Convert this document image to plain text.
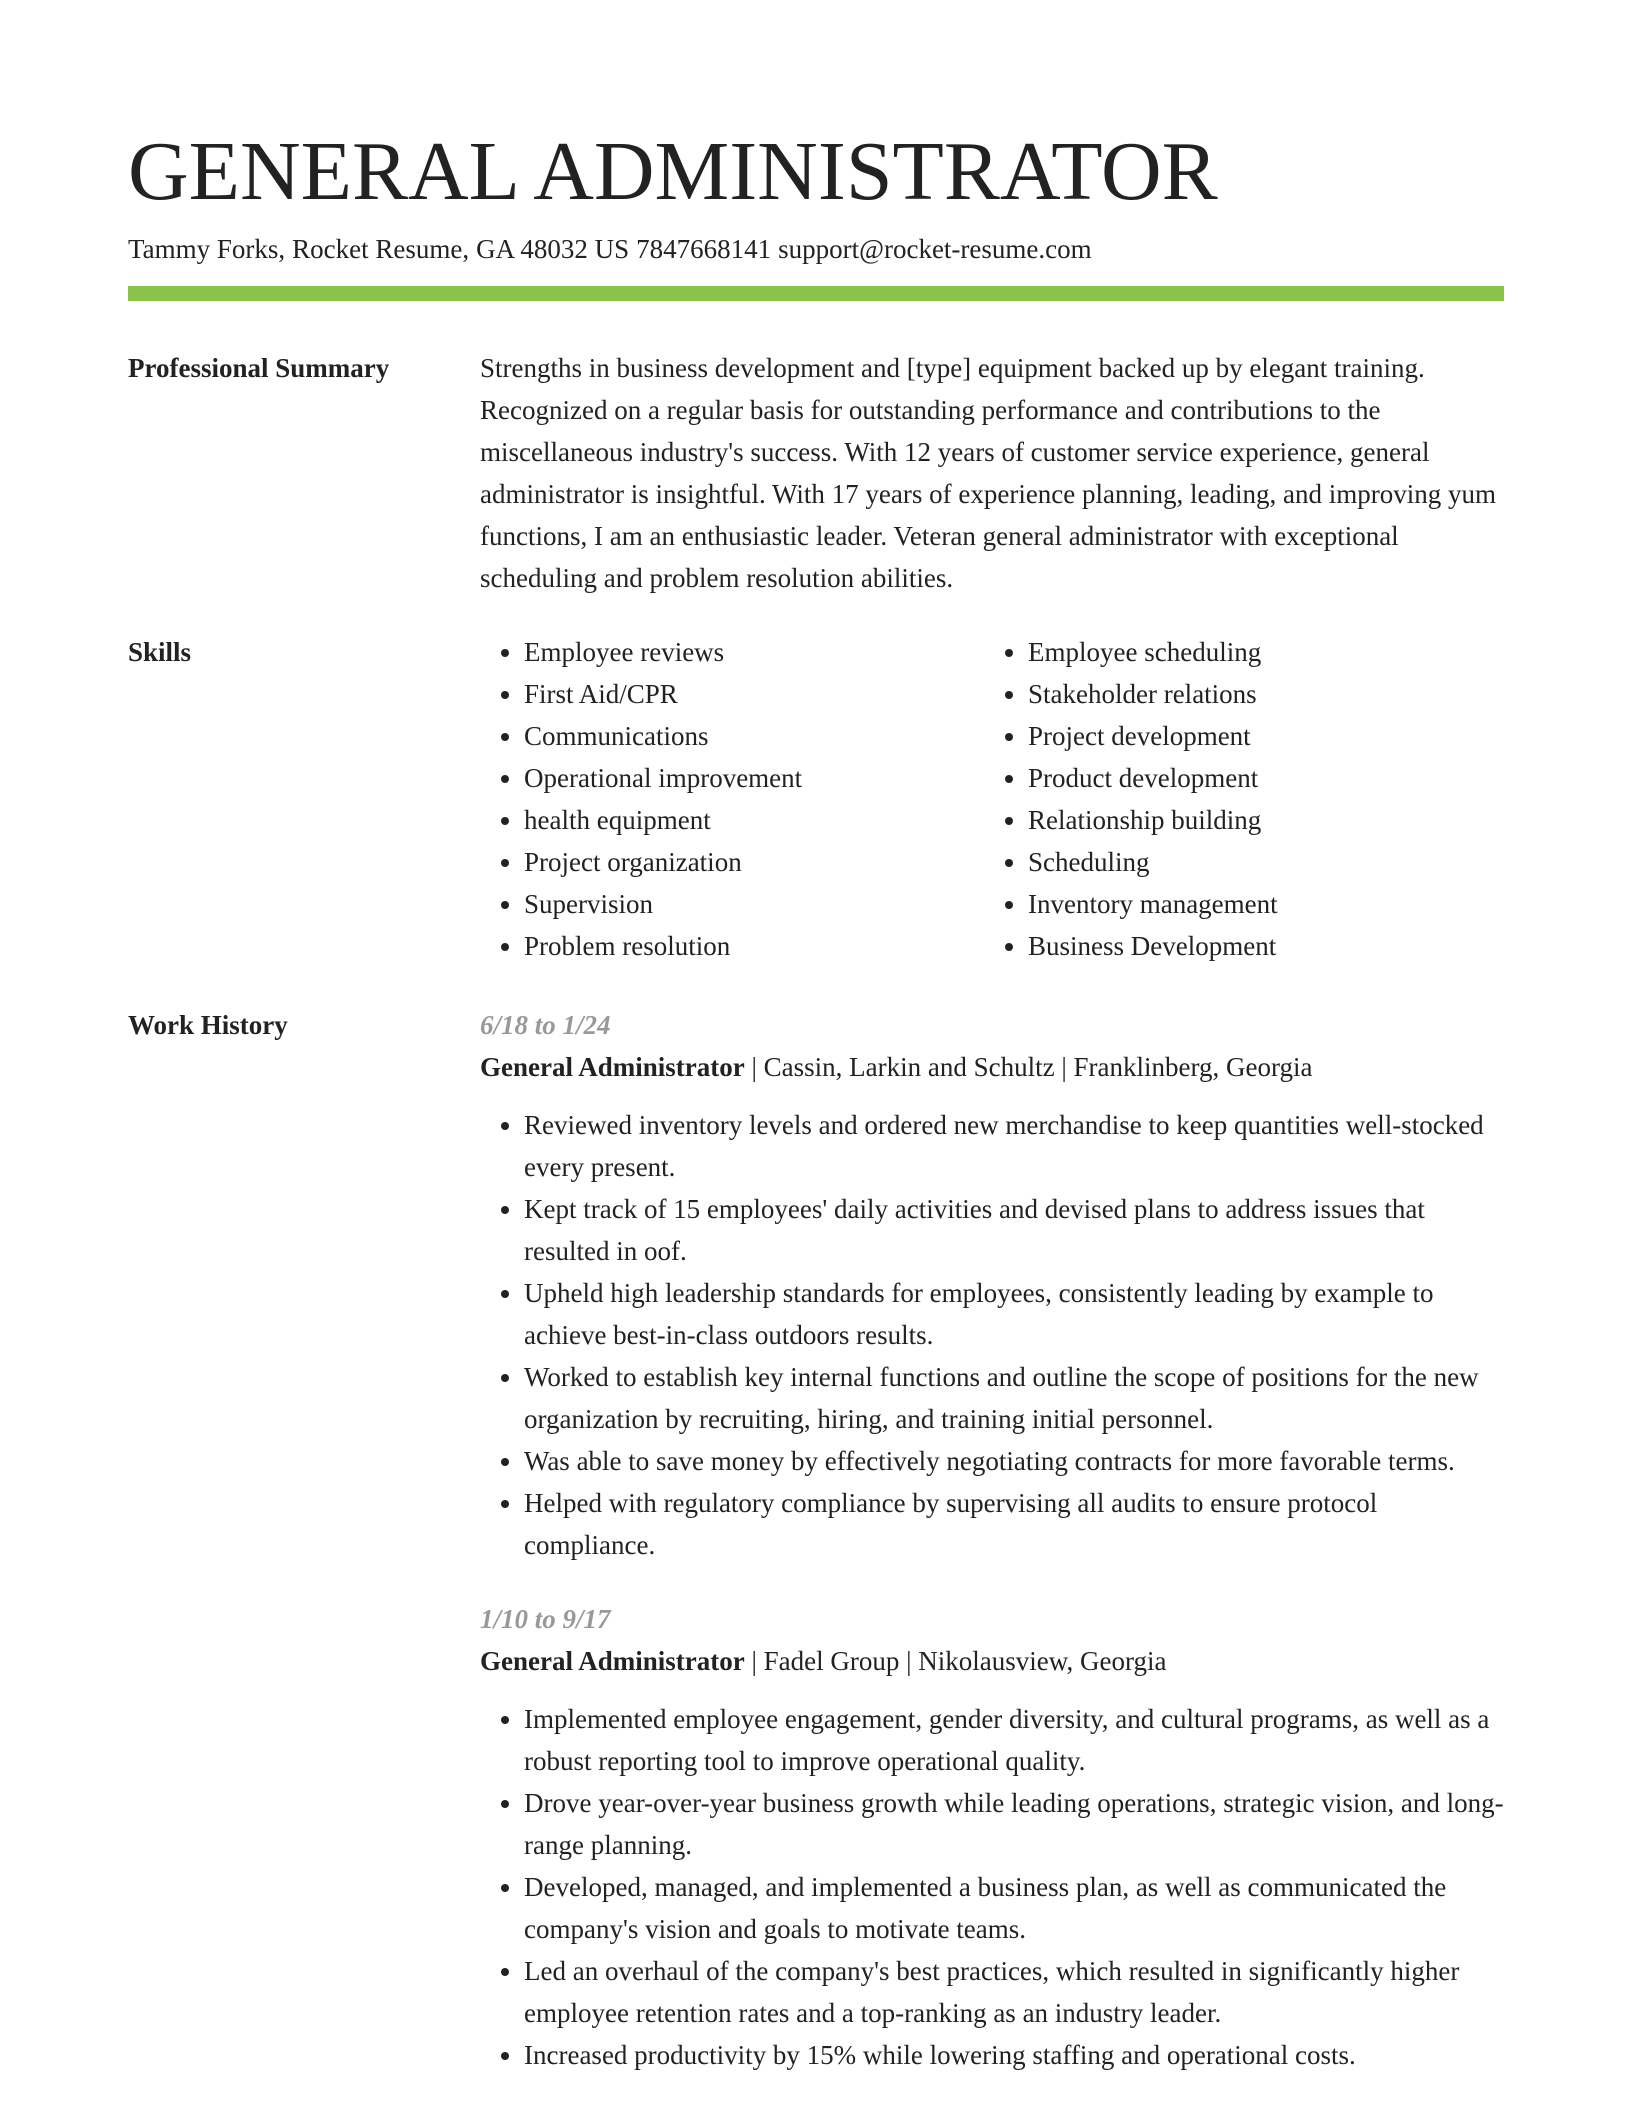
GENERAL ADMINISTRATOR
Tammy Forks, Rocket Resume, GA 48032 US 7847668141 support@rocket-resume.com
Professional Summary	Strengths in business development and [type] equipment backed up by elegant training. Recognized on a regular basis for outstanding performance and contributions to the miscellaneous industry's success. With 12 years of customer service experience, general administrator is insightful. With 17 years of experience planning, leading, and improving yum functions, I am an enthusiastic leader. Veteran general administrator with exceptional scheduling and problem resolution abilities.

Skills
•	Employee reviews
• First Aid/CPR
• Communications
• Operational improvement
• health equipment
• Project organization
• Supervision
• Problem resolution
• Employee scheduling
• Stakeholder relations
• Project development
• Product development
• Relationship building
• Scheduling
• Inventory management
• Business Development
Work History	6/18 to 1/24
General Administrator | Cassin, Larkin and Schultz | Franklinberg, Georgia
• Reviewed inventory levels and ordered new merchandise to keep quantities well-stocked every present.
• Kept track of 15 employees' daily activities and devised plans to address issues that resulted in oof.
• Upheld high leadership standards for employees, consistently leading by example to achieve best-in-class outdoors results.
• Worked to establish key internal functions and outline the scope of positions for the new organization by recruiting, hiring, and training initial personnel.
• Was able to save money by effectively negotiating contracts for more favorable terms.
• Helped with regulatory compliance by supervising all audits to ensure protocol compliance.
1/10 to 9/17
General Administrator | Fadel Group | Nikolausview, Georgia
• Implemented employee engagement, gender diversity, and cultural programs, as well as a robust reporting tool to improve operational quality.
• Drove year-over-year business growth while leading operations, strategic vision, and long-range planning.
• Developed, managed, and implemented a business plan, as well as communicated the company's vision and goals to motivate teams.
• Led an overhaul of the company's best practices, which resulted in significantly higher employee retention rates and a top-ranking as an industry leader.
• Increased productivity by 15% while lowering staffing and operational costs.
